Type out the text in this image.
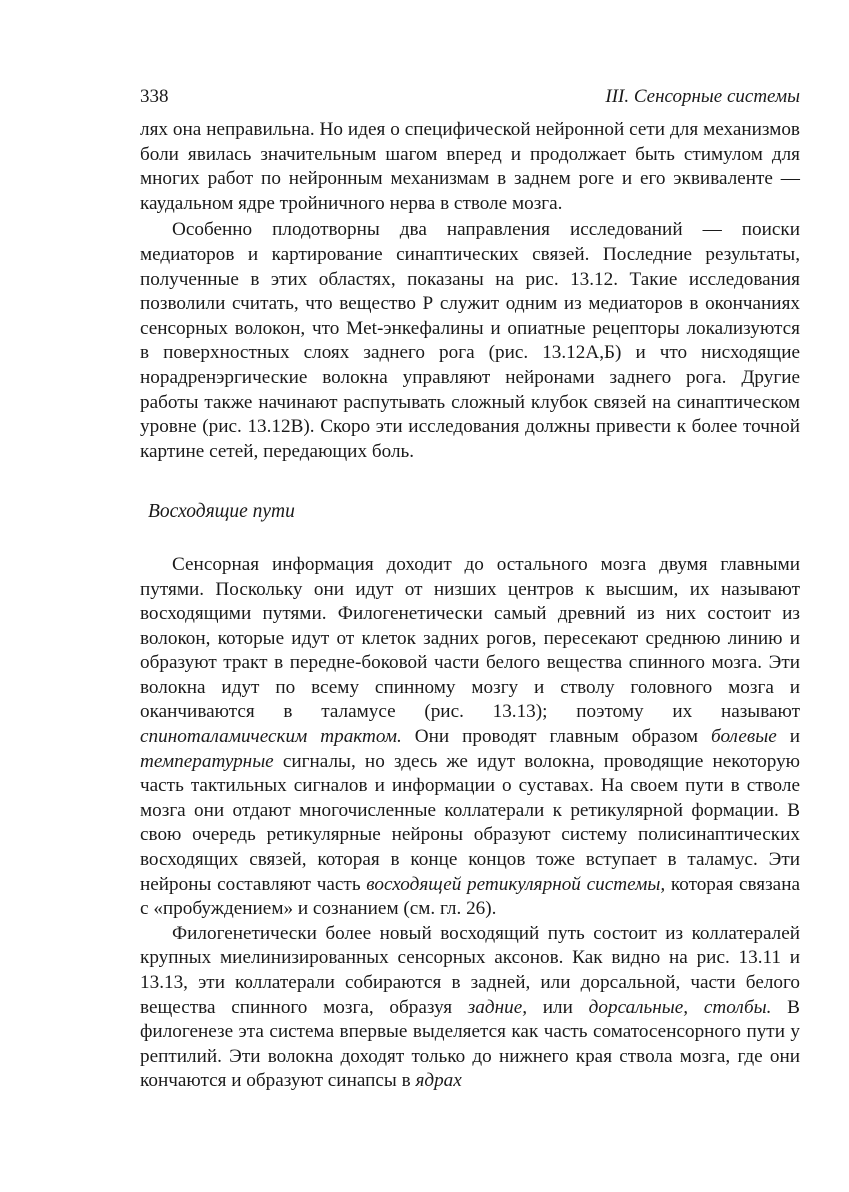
338	III. Сенсорные системы

лях она неправильна. Но идея о специфической нейронной сети для механизмов боли явилась значительным шагом вперед и продолжает быть стимулом для многих работ по нейронным механизмам в заднем роге и его эквиваленте — каудальном ядре тройничного нерва в стволе мозга.

Особенно плодотворны два направления исследований — поиски медиаторов и картирование синаптических связей. Последние результаты, полученные в этих областях, показаны на рис. 13.12. Такие исследования позволили считать, что вещество Р служит одним из медиаторов в окончаниях сенсорных волокон, что Met-энкефалины и опиатные рецепторы локализуются в поверхностных слоях заднего рога (рис. 13.12А,Б) и что нисходящие норадренэргические волокна управляют нейронами заднего рога. Другие работы также начинают распутывать сложный клубок связей на синаптическом уровне (рис. 13.12В). Скоро эти исследования должны привести к более точной картине сетей, передающих боль.

Восходящие пути

Сенсорная информация доходит до остального мозга двумя главными путями. Поскольку они идут от низших центров к высшим, их называют восходящими путями. Филогенетически самый древний из них состоит из волокон, которые идут от клеток задних рогов, пересекают среднюю линию и образуют тракт в передне-боковой части белого вещества спинного мозга. Эти волокна идут по всему спинному мозгу и стволу головного мозга и оканчиваются в таламусе (рис. 13.13); поэтому их называют спиноталамическим трактом. Они проводят главным образом болевые и температурные сигналы, но здесь же идут волокна, проводящие некоторую часть тактильных сигналов и информации о суставах. На своем пути в стволе мозга они отдают многочисленные коллатерали к ретикулярной формации. В свою очередь ретикулярные нейроны образуют систему полисинаптических восходящих связей, которая в конце концов тоже вступает в таламус. Эти нейроны составляют часть восходящей ретикулярной системы, которая связана с «пробуждением» и сознанием (см. гл. 26).

Филогенетически более новый восходящий путь состоит из коллатералей крупных миелинизированных сенсорных аксонов. Как видно на рис. 13.11 и 13.13, эти коллатерали собираются в задней, или дорсальной, части белого вещества спинного мозга, образуя задние, или дорсальные, столбы. В филогенезе эта система впервые выделяется как часть соматосенсорного пути у рептилий. Эти волокна доходят только до нижнего края ствола мозга, где они кончаются и образуют синапсы в ядрах
